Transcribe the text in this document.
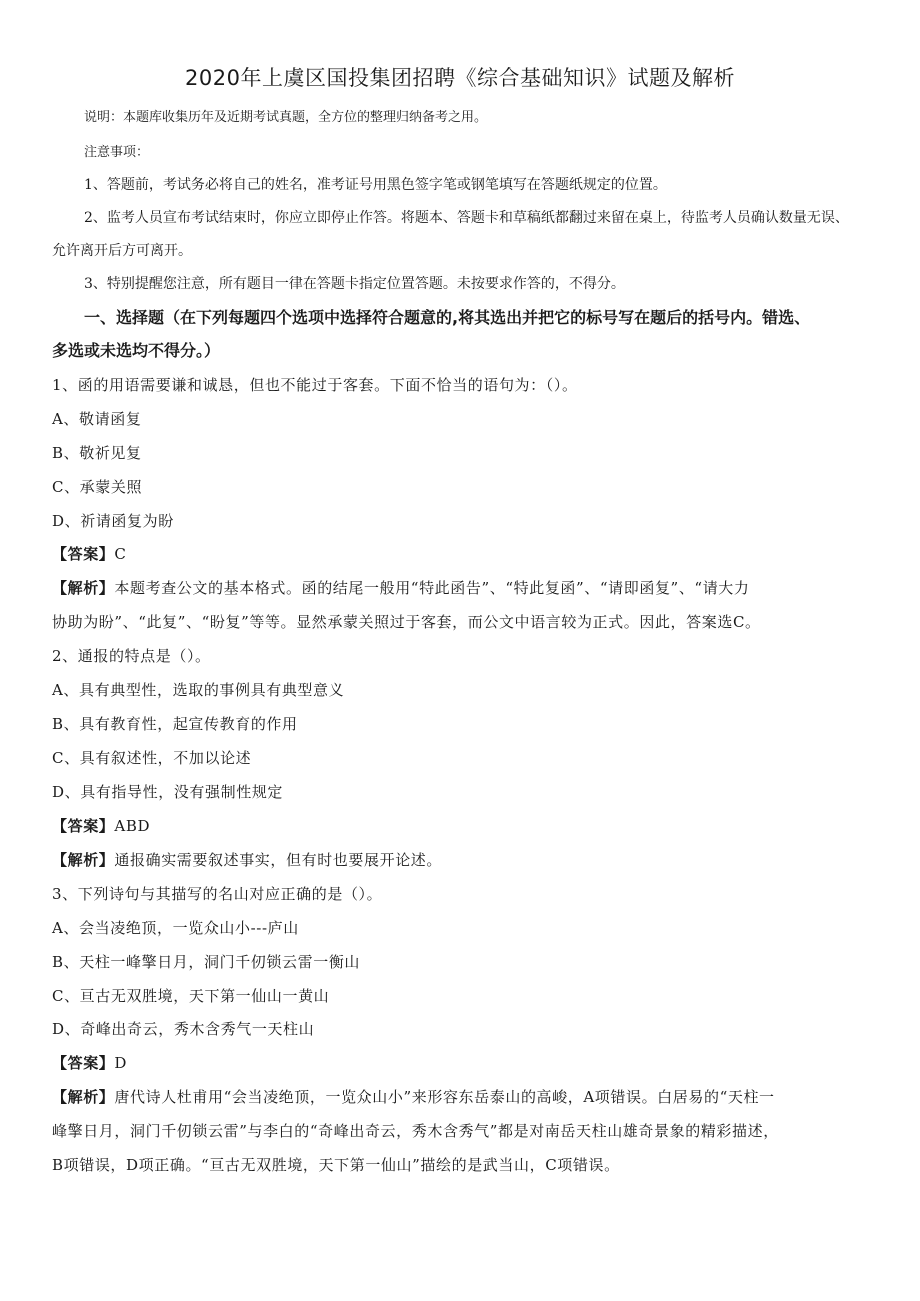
2020年上虞区国投集团招聘《综合基础知识》试题及解析
说明：本题库收集历年及近期考试真题，全方位的整理归纳备考之用。
注意事项：
1、答题前，考试务必将自己的姓名，准考证号用黑色签字笔或钢笔填写在答题纸规定的位置。
2、监考人员宣布考试结束时，你应立即停止作答。将题本、答题卡和草稿纸都翻过来留在桌上，待监考人员确认数量无误、
允许离开后方可离开。
3、特别提醒您注意，所有题目一律在答题卡指定位置答题。未按要求作答的，不得分。
一、选择题（在下列每题四个选项中选择符合题意的,将其选出并把它的标号写在题后的括号内。错选、
多选或未选均不得分。）
1、函的用语需要谦和诚恳，但也不能过于客套。下面不恰当的语句为：（）。
A、敬请函复
B、敬祈见复
C、承蒙关照
D、祈请函复为盼
【答案】C
【解析】本题考查公文的基本格式。函的结尾一般用“特此函告”、“特此复函”、“请即函复”、“请大力
协助为盼”、“此复”、“盼复”等等。显然承蒙关照过于客套，而公文中语言较为正式。因此，答案选C。
2、通报的特点是（）。
A、具有典型性，选取的事例具有典型意义
B、具有教育性，起宣传教育的作用
C、具有叙述性，不加以论述
D、具有指导性，没有强制性规定
【答案】ABD
【解析】通报确实需要叙述事实，但有时也要展开论述。
3、下列诗句与其描写的名山对应正确的是（）。
A、会当凌绝顶，一览众山小---庐山
B、天柱一峰擎日月，洞门千仞锁云雷一衡山
C、亘古无双胜境，天下第一仙山一黄山
D、奇峰出奇云，秀木含秀气一天柱山
【答案】D
【解析】唐代诗人杜甫用“会当凌绝顶，一览众山小”来形容东岳泰山的高峻，A项错误。白居易的“天柱一
峰擎日月，洞门千仞锁云雷”与李白的“奇峰出奇云，秀木含秀气”都是对南岳天柱山雄奇景象的精彩描述，
B项错误，D项正确。“亘古无双胜境，天下第一仙山”描绘的是武当山，C项错误。
